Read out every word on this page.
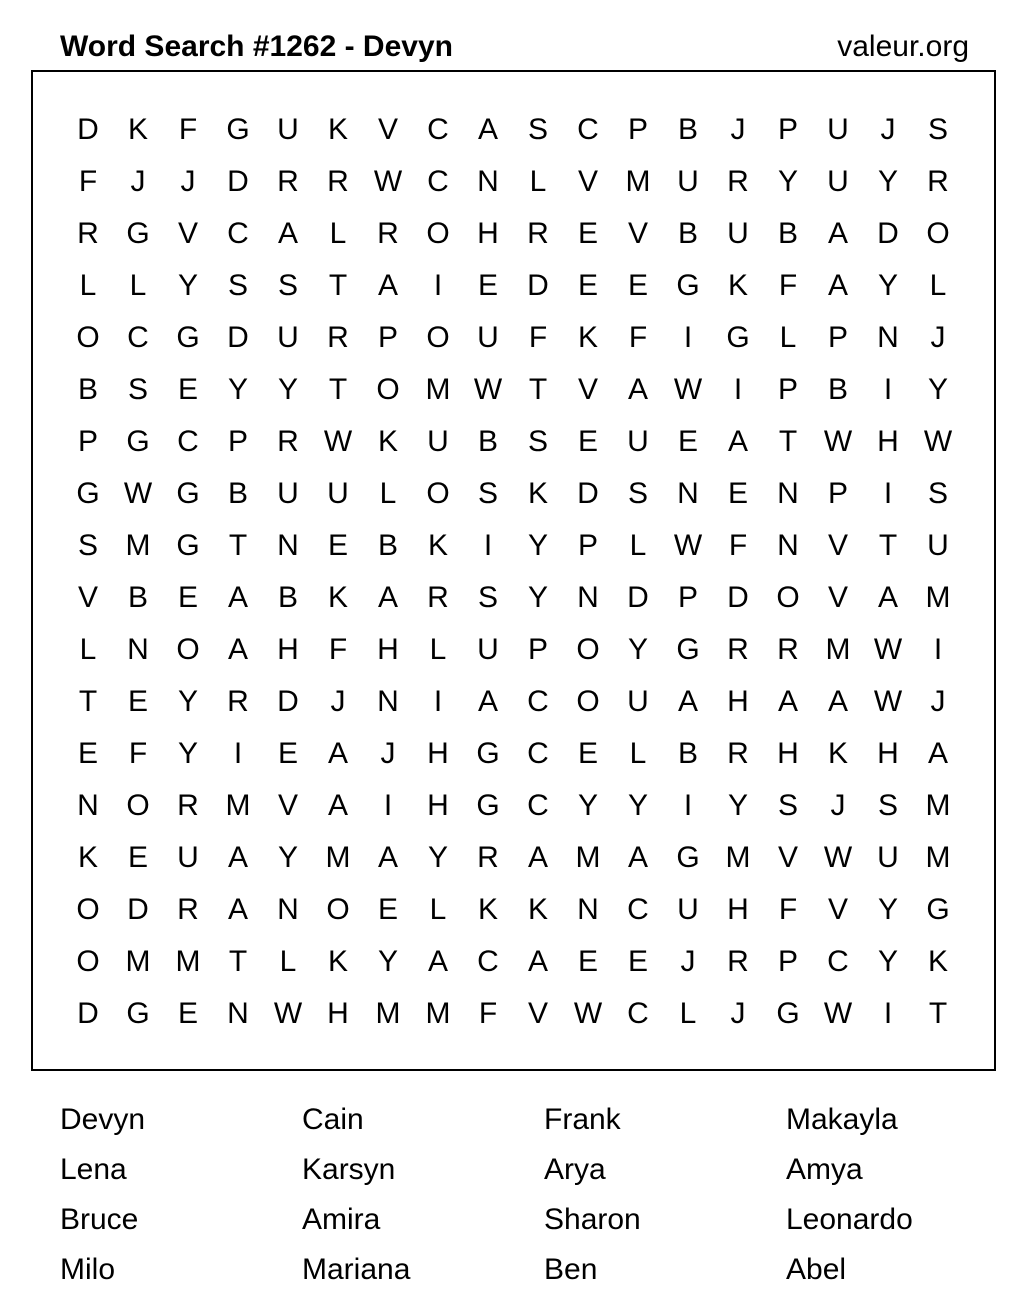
Word Search #1262 - Devyn	valeur.org
D K	F G U K V C A S C P B	J	P U	J	S
F	J	J	D R R W C N	L	V M U R Y U Y R
R G V C A	L	R O H R E V B U B A D O
L	L	Y S S	T	A	I	E D E E G K	F	A Y	L
O C G D U R P O U	F	K	F	I	G L	P N	J
B S E Y Y	T O M W T	V A W	I	P B	I	Y
P G C P R W K U B S E U E A	T W H W
G W G B U U	L O S K D S N E N P	I	S
S M G T	N E B K	I	Y P	L W F	N V	T	U
V B E A B K A R S Y N D P D O V A M
L	N O A H	F	H	L	U P O Y G R R M W	I
T	E Y R D	J	N	I	A C O U A H A A W J
E	F	Y	I	E A	J	H G C E	L	B R H K H A
N O R M V A	I	H G C Y Y	I	Y S	J	S M
K E U A Y M A Y R A M A G M V W U M
O D R A N O E	L	K K N C U H	F	V Y G
O M M T	L	K Y A C A E E	J	R P C Y K
D G E N W H M M F	V W C	L	J	G W	I	T
Devyn	Cain	Frank	Makayla
Lena	Karsyn	Arya	Amya
Bruce	Amira	Sharon	Leonardo
Milo	Mariana	Ben	Abel
